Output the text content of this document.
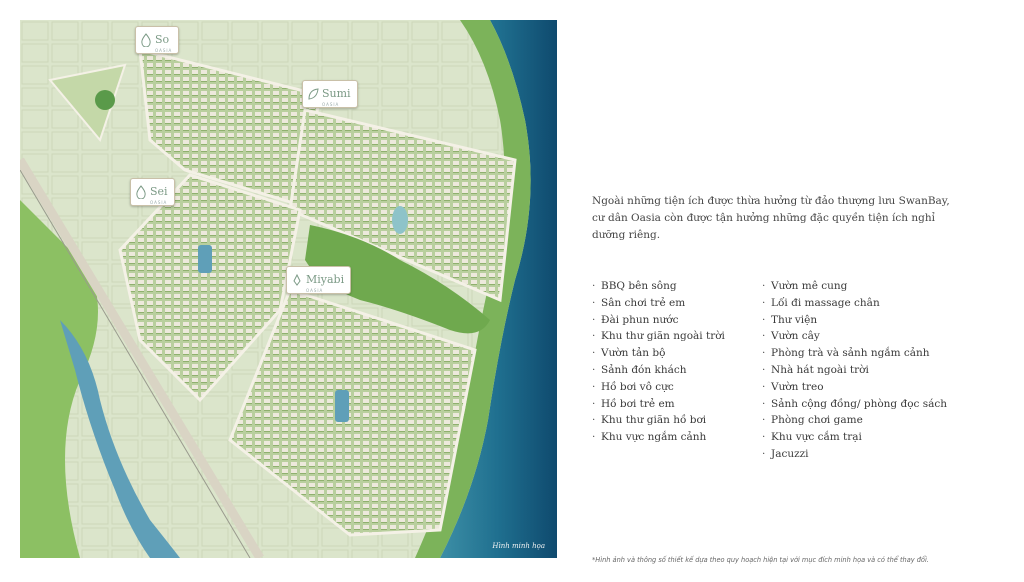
So
OASIA
Sumi
OASIA
Sei
OASIA
Miyabi
OASIA
Hình minh họa
Ngoài những tiện ích được thừa hưởng từ đảo thượng lưu SwanBay, cư dân Oasia còn được tận hưởng những đặc quyền tiện ích nghỉ dưỡng riêng.
· BBQ bên sông
· Sân chơi trẻ em
· Đài phun nước
· Khu thư giãn ngoài trời
· Vườn tản bộ
· Sảnh đón khách
· Hồ bơi vô cực
· Hồ bơi trẻ em
· Khu thư giãn hồ bơi
· Khu vực ngắm cảnh
· Vườn mê cung
· Lối đi massage chân
· Thư viện
· Vườn cây
· Phòng trà và sảnh ngắm cảnh
· Nhà hát ngoài trời
· Vườn treo
· Sảnh cộng đồng/ phòng đọc sách
· Phòng chơi game
· Khu vực cắm trại
· Jacuzzi
*Hình ảnh và thông số thiết kế dựa theo quy hoạch hiện tại với mục đích minh họa và có thể thay đổi.
